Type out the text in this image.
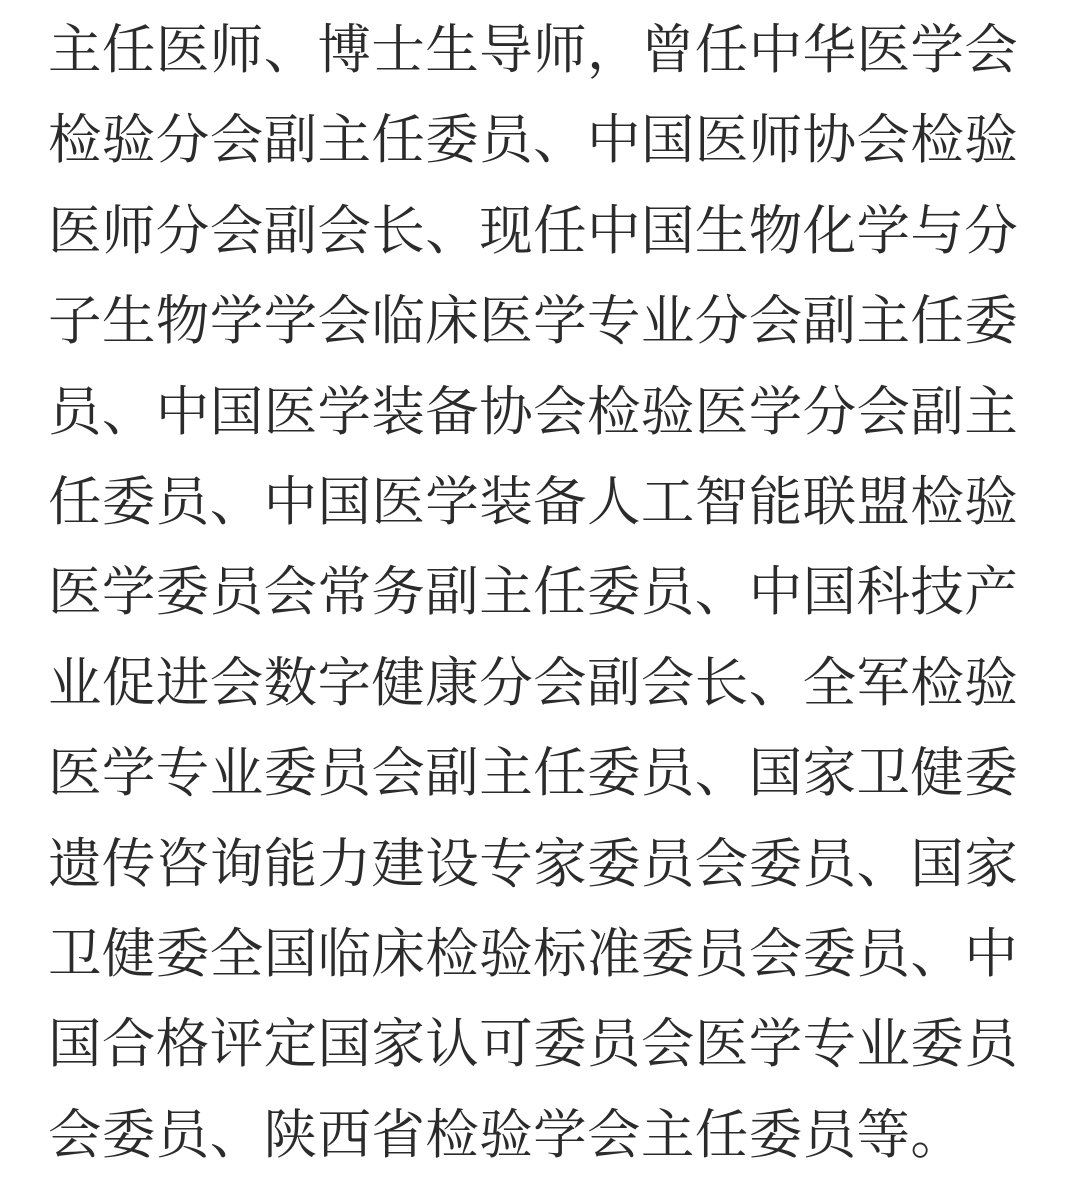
主任医师、博士生导师，曾任中华医学会
检验分会副主任委员、中国医师协会检验
医师分会副会长、现任中国生物化学与分
子生物学学会临床医学专业分会副主任委
员、中国医学装备协会检验医学分会副主
任委员、中国医学装备人工智能联盟检验
医学委员会常务副主任委员、中国科技产
业促进会数字健康分会副会长、全军检验
医学专业委员会副主任委员、国家卫健委
遗传咨询能力建设专家委员会委员、国家
卫健委全国临床检验标准委员会委员、中
国合格评定国家认可委员会医学专业委员
会委员、陕西省检验学会主任委员等。
